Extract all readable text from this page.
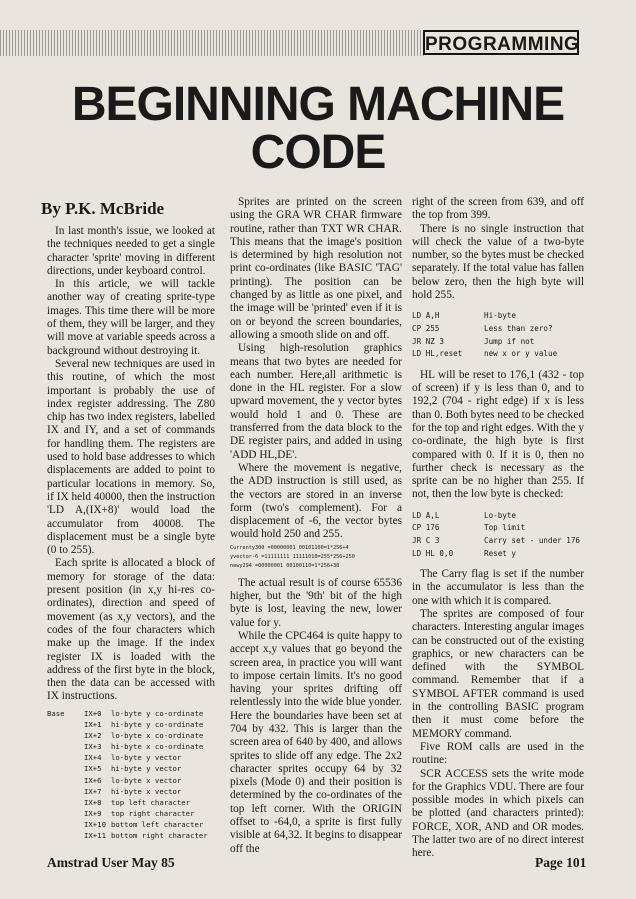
PROGRAMMING
BEGINNING MACHINE
CODE
By P.K. McBride

In last month's issue, we looked at the techniques needed to get a single character 'sprite' moving in different directions, under keyboard control.

In this article, we will tackle another way of creating sprite-type images. This time there will be more of them, they will be larger, and they will move at variable speeds across a background without destroying it.

Several new techniques are used in this routine, of which the most important is probably the use of index register addressing. The Z80 chip has two index registers, labelled IX and IY, and a set of commands for handling them. The registers are used to hold base addresses to which displacements are added to point to particular locations in memory. So, if IX held 40000, then the instruction 'LD A,(IX+8)' would load the accumulator from 40008. The displacement must be a single byte (0 to 255).

Each sprite is allocated a block of memory for storage of the data: present position (in x,y hi-res co-ordinates), direction and speed of movement (as x,y vectors), and the codes of the four characters which make up the image. If the index register IX is loaded with the address of the first byte in the block, then the data can be accessed with IX instructions.

Sprites are printed on the screen using the GRA WR CHAR firmware routine, rather than TXT WR CHAR. This means that the image's position is determined by high resolution not print co-ordinates (like BASIC 'TAG' printing). The position can be changed by as little as one pixel, and the image will be 'printed' even if it is on or beyond the screen boundaries, allowing a smooth slide on and off.

Using high-resolution graphics means that two bytes are needed for each number. Here,all arithmetic is done in the HL register. For a slow upward movement, the y vector bytes would hold 1 and 0. These are transferred from the data block to the DE register pairs, and added in using 'ADD HL,DE'.

Where the movement is negative, the ADD instruction is still used, as the vectors are stored in an inverse form (two's complement). For a displacement of -6, the vector bytes would hold 250 and 255.

Currenty300 =00000001 00101100=1*256+4
yvector-6 =11111111 11111010=255*256+250
newy294 =00000001 00100110=1*256+38

The actual result is of course 65536 higher, but the '9th' bit of the high byte is lost, leaving the new, lower value for y.

While the CPC464 is quite happy to accept x,y values that go beyond the screen area, in practice you will want to impose certain limits. It's no good having your sprites drifting off relentlessly into the wide blue yonder. Here the boundaries have been set at 704 by 432. This is larger than the screen area of 640 by 400, and allows sprites to slide off any edge. The 2x2 character sprites occupy 64 by 32 pixels (Mode 0) and their position is determined by the co-ordinates of the top left corner. With the ORIGIN offset to -64,0, a sprite is first fully visible at 64,32. It begins to disappear off the

right of the screen from 639, and off the top from 399.

There is no single instruction that will check the value of a two-byte number, so the bytes must be checked separately. If the total value has fallen below zero, then the high byte will hold 255.

LD A,H	Hi-byte
CP 255	Less than zero?
JR NZ 3	Jump if not
LD HL,reset	new x or y value

HL will be reset to 176,1 (432 - top of screen) if y is less than 0, and to 192,2 (704 - right edge) if x is less than 0. Both bytes need to be checked for the top and right edges. With the y co-ordinate, the high byte is first compared with 0. If it is 0, then no further check is necessary as the sprite can be no higher than 255. If not, then the low byte is checked:

LD A,L	Lo-byte
CP 176	Top limit
JR C 3	Carry set - under 176
LD HL 0,0	Reset y

The Carry flag is set if the number in the accumulator is less than the one with which it is compared.

The sprites are composed of four characters. Interesting angular images can be constructed out of the existing graphics, or new characters can be defined with the SYMBOL command. Remember that if a SYMBOL AFTER command is used in the controlling BASIC program then it must come before the MEMORY command.

Five ROM calls are used in the routine:

SCR ACCESS sets the write mode for the Graphics VDU. There are four possible modes in which pixels can be plotted (and characters printed): FORCE, XOR, AND and OR modes. The latter two are of no direct interest here.

Base	IX+0	lo-byte y co-ordinate
IX+1	hi-byte y co-ordinate
IX+2	lo-byte x co-ordinate
IX+3	hi-byte x co-ordinate
IX+4	lo-byte y vector
IX+5	hi-byte y vector
IX+6	lo-byte x vector
IX+7	hi-byte x vector
IX+8	top left character
IX+9	top right character
IX+10 bottom left character
IX+11 bottom right character
Amstrad User May 85	Page 101
